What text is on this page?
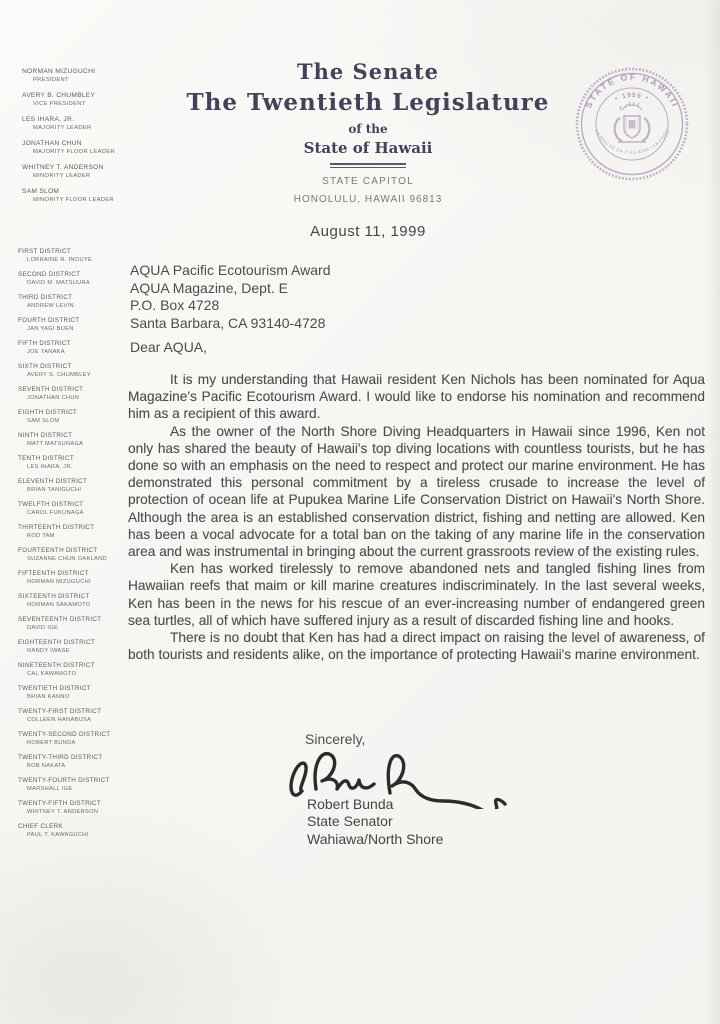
NORMAN MIZUGUCHI
PRESIDENT
AVERY B. CHUMBLEY
VICE PRESIDENT
LES IHARA, JR.
MAJORITY LEADER
JONATHAN CHUN
MAJORITY FLOOR LEADER
WHITNEY T. ANDERSON
MINORITY LEADER
SAM SLOM
MINORITY FLOOR LEADER
FIRST DISTRICT
LORRAINE R. INOUYE
SECOND DISTRICT
DAVID M. MATSUURA
THIRD DISTRICT
ANDREW LEVIN
FOURTH DISTRICT
JAN YAGI BUEN
FIFTH DISTRICT
JOE TANAKA
SIXTH DISTRICT
AVERY S. CHUMBLEY
SEVENTH DISTRICT
JONATHAN CHUN
EIGHTH DISTRICT
SAM SLOM
NINTH DISTRICT
MATT MATSUNAGA
TENTH DISTRICT
LES IHARA, JR.
ELEVENTH DISTRICT
BRIAN TANIGUCHI
TWELFTH DISTRICT
CAROL FUKUNAGA
THIRTEENTH DISTRICT
ROD TAM
FOURTEENTH DISTRICT
SUZANNE CHUN OAKLAND
FIFTEENTH DISTRICT
NORMAN MIZUGUCHI
SIXTEENTH DISTRICT
NORMAN SAKAMOTO
SEVENTEENTH DISTRICT
DAVID IGE
EIGHTEENTH DISTRICT
RANDY IWASE
NINETEENTH DISTRICT
CAL KAWAMOTO
TWENTIETH DISTRICT
BRIAN KANNO
TWENTY-FIRST DISTRICT
COLLEEN HANABUSA
TWENTY-SECOND DISTRICT
ROBERT BUNDA
TWENTY-THIRD DISTRICT
BOB NAKATA
TWENTY-FOURTH DISTRICT
MARSHALL IGE
TWENTY-FIFTH DISTRICT
WHITNEY T. ANDERSON
CHIEF CLERK
PAUL T. KAWAGUCHI
The Senate
The Twentieth Legislature
of the
State of Hawaii
STATE CAPITOL
HONOLULU, HAWAII 96813
August 11, 1999
STATE OF HAWAII
* 1959 *
UA MAU KE EA O KA AINA I KA PONO
AQUA Pacific Ecotourism Award
AQUA Magazine, Dept. E
P.O. Box 4728
Santa Barbara, CA 93140-4728
Dear AQUA,

It is my understanding that Hawaii resident Ken Nichols has been nominated for Aqua Magazine's Pacific Ecotourism Award. I would like to endorse his nomination and recommend him as a recipient of this award.

As the owner of the North Shore Diving Headquarters in Hawaii since 1996, Ken not only has shared the beauty of Hawaii's top diving locations with countless tourists, but he has done so with an emphasis on the need to respect and protect our marine environment. He has demonstrated this personal commitment by a tireless crusade to increase the level of protection of ocean life at Pupukea Marine Life Conservation District on Hawaii's North Shore. Although the area is an established conservation district, fishing and netting are allowed. Ken has been a vocal advocate for a total ban on the taking of any marine life in the conservation area and was instrumental in bringing about the current grassroots review of the existing rules.

Ken has worked tirelessly to remove abandoned nets and tangled fishing lines from Hawaiian reefs that maim or kill marine creatures indiscriminately. In the last several weeks, Ken has been in the news for his rescue of an ever-increasing number of endangered green sea turtles, all of which have suffered injury as a result of discarded fishing line and hooks.

There is no doubt that Ken has had a direct impact on raising the level of awareness, of both tourists and residents alike, on the importance of protecting Hawaii's marine environment.

Sincerely,
Robert Bunda
State Senator
Wahiawa/North Shore
